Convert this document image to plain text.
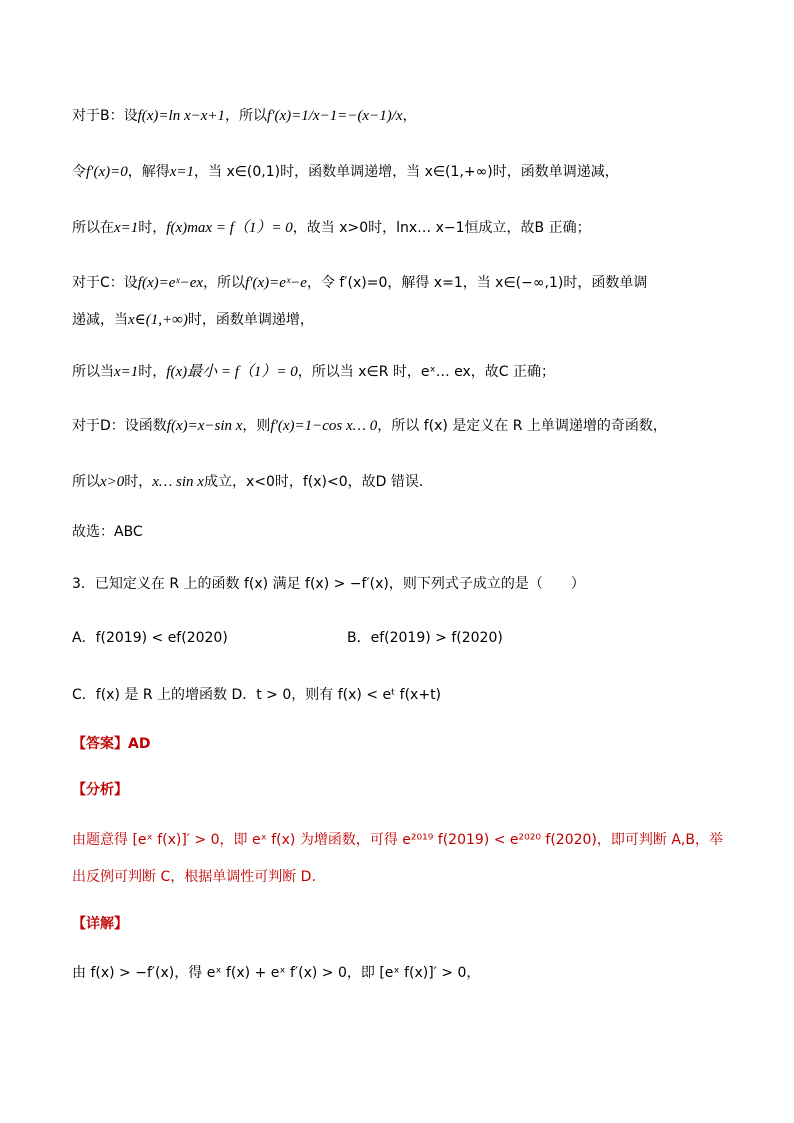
对于B：设f(x)=ln x−x+1，所以f′(x)=1/x−1=−(x−1)/x，
令f′(x)=0，解得x=1，当 x∈(0,1)时，函数单调递增，当 x∈(1,+∞)时，函数单调递减，
所以在x=1时，f(x)max = f（1）= 0，故当 x>0时，lnx… x−1恒成立，故B 正确；
对于C：设f(x)=eˣ−ex，所以f′(x)=eˣ−e，令 f′(x)=0，解得 x=1，当 x∈(−∞,1)时，函数单调
递减，当x∈(1,+∞)时，函数单调递增，
所以当x=1时，f(x)最小 = f（1）= 0，所以当 x∈R 时，eˣ… ex，故C 正确；
对于D：设函数f(x)=x−sin x，则f′(x)=1−cos x… 0，所以 f(x) 是定义在 R 上单调递增的奇函数，
所以x>0时，x… sin x成立，x<0时，f(x)<0，故D 错误．
故选：ABC
3．已知定义在 R 上的函数 f(x) 满足 f(x) > −f′(x)，则下列式子成立的是（　　）
A．f(2019) < ef(2020)	B．ef(2019) > f(2020)
C．f(x) 是 R 上的增函数 D．t > 0，则有 f(x) < eᵗ f(x+t)
【答案】AD
【分析】
由题意得 [eˣ f(x)]′ > 0，即 eˣ f(x) 为增函数，可得 e²⁰¹⁹ f(2019) < e²⁰²⁰ f(2020)，即可判断 A,B，举
出反例可判断 C，根据单调性可判断 D.
【详解】
由 f(x) > −f′(x)，得 eˣ f(x) + eˣ f′(x) > 0，即 [eˣ f(x)]′ > 0，
